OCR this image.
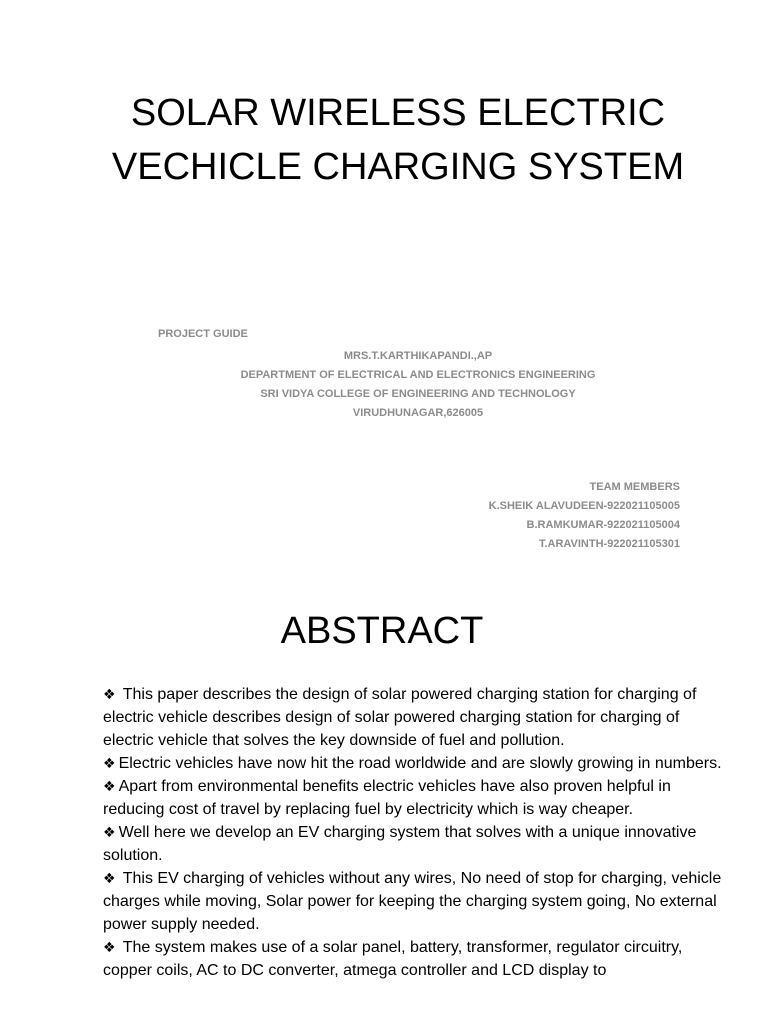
SOLAR WIRELESS ELECTRIC
VECHICLE CHARGING SYSTEM
PROJECT GUIDE
MRS.T.KARTHIKAPANDI.,AP
DEPARTMENT OF ELECTRICAL AND ELECTRONICS ENGINEERING
SRI VIDYA COLLEGE OF ENGINEERING AND TECHNOLOGY
VIRUDHUNAGAR,626005
TEAM MEMBERS
K.SHEIK ALAVUDEEN-922021105005
B.RAMKUMAR-922021105004
T.ARAVINTH-922021105301
ABSTRACT

❖ This paper describes the design of solar powered charging station for charging of electric vehicle describes design of solar powered charging station for charging of electric vehicle that solves the key downside of fuel and pollution.

❖ Electric vehicles have now hit the road worldwide and are slowly growing in numbers.

❖ Apart from environmental benefits electric vehicles have also proven helpful in reducing cost of travel by replacing fuel by electricity which is way cheaper.

❖ Well here we develop an EV charging system that solves with a unique innovative solution.

❖ This EV charging of vehicles without any wires, No need of stop for charging, vehicle charges while moving, Solar power for keeping the charging system going, No external power supply needed.

❖ The system makes use of a solar panel, battery, transformer, regulator circuitry, copper coils, AC to DC converter, atmega controller and LCD display to
